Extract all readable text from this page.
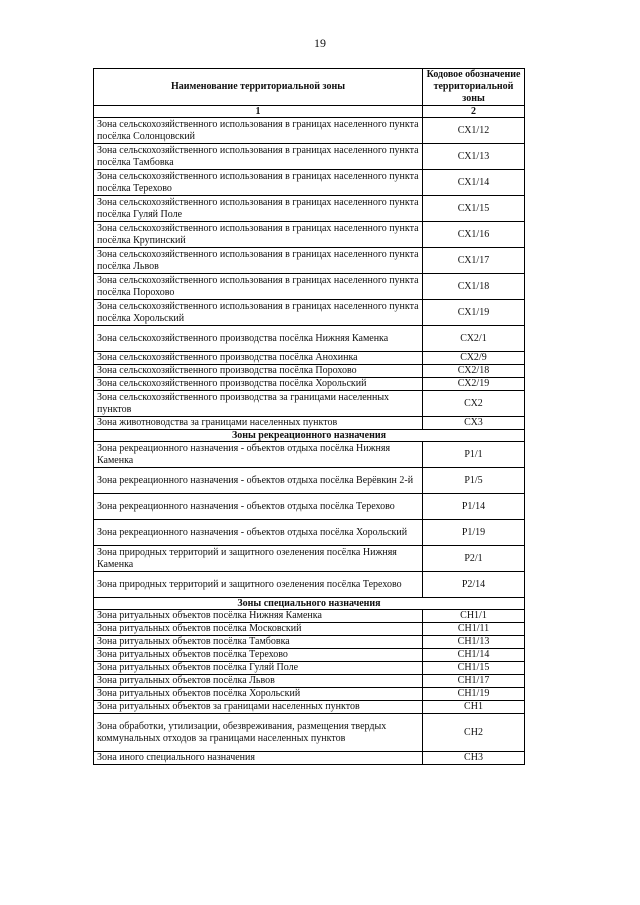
19
Наименование территориальной зоны	Кодовое обозначение территориальной зоны
1	2
Зона сельскохозяйственного использования в границах населенного пункта посёлка Солонцовский	СХ1/12
Зона сельскохозяйственного использования в границах населенного пункта посёлка Тамбовка	СХ1/13
Зона сельскохозяйственного использования в границах населенного пункта посёлка Терехово	СХ1/14
Зона сельскохозяйственного использования в границах населенного пункта посёлка Гуляй Поле	СХ1/15
Зона сельскохозяйственного использования в границах населенного пункта посёлка Крупинский	СХ1/16
Зона сельскохозяйственного использования в границах населенного пункта посёлка Львов	СХ1/17
Зона сельскохозяйственного использования в границах населенного пункта посёлка Порохово	СХ1/18
Зона сельскохозяйственного использования в границах населенного пункта посёлка Хорольский	СХ1/19
Зона сельскохозяйственного производства посёлка Нижняя Каменка	СХ2/1
Зона сельскохозяйственного производства посёлка Анохинка	СХ2/9
Зона сельскохозяйственного производства посёлка Порохово	СХ2/18
Зона сельскохозяйственного производства посёлка Хорольский	СХ2/19
Зона сельскохозяйственного производства за границами населенных пунктов	СХ2
Зона животноводства за границами населенных пунктов	СХ3
Зоны рекреационного назначения	
Зона рекреационного назначения - объектов отдыха посёлка Нижняя Каменка	Р1/1
Зона рекреационного назначения - объектов отдыха посёлка Верёвкин 2-й	Р1/5
Зона рекреационного назначения - объектов отдыха посёлка Терехово	Р1/14
Зона рекреационного назначения - объектов отдыха посёлка Хорольский	Р1/19
Зона природных территорий и защитного озеленения посёлка Нижняя Каменка	Р2/1
Зона природных территорий и защитного озеленения посёлка Терехово	Р2/14
Зоны специального назначения	
Зона ритуальных объектов посёлка Нижняя Каменка	СН1/1
Зона ритуальных объектов посёлка Московский	СН1/11
Зона ритуальных объектов посёлка Тамбовка	СН1/13
Зона ритуальных объектов посёлка Терехово	СН1/14
Зона ритуальных объектов посёлка Гуляй Поле	СН1/15
Зона ритуальных объектов посёлка Львов	СН1/17
Зона ритуальных объектов посёлка Хорольский	СН1/19
Зона ритуальных объектов за границами населенных пунктов	СН1
Зона обработки, утилизации, обезвреживания, размещения твердых коммунальных отходов за границами населенных пунктов	СН2
Зона иного специального назначения	СН3
